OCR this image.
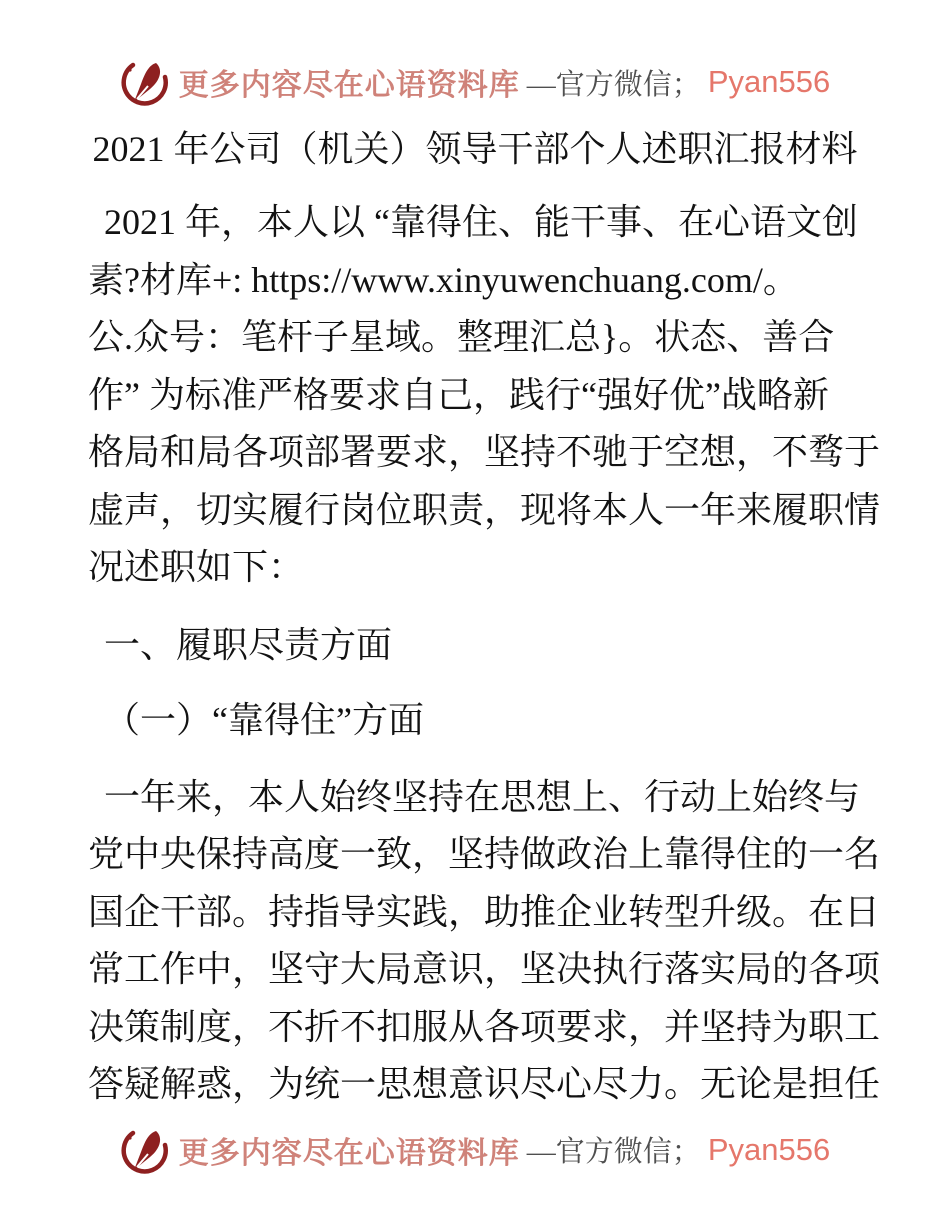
更多内容尽在心语资料库 —官方微信； Pyan556
2021 年公司（机关）领导干部个人述职汇报材料
2021 年，本人以 “靠得住、能干事、在心语文创
素?材库+: https://www.xinyuwenchuang.com/。
公.众号：笔杆子星域。整理汇总}。状态、善合
作” 为标准严格要求自己，践行“强好优”战略新
格局和局各项部署要求，坚持不驰于空想，不骛于
虚声，切实履行岗位职责，现将本人一年来履职情
况述职如下：
一、履职尽责方面
（一）“靠得住”方面
一年来，本人始终坚持在思想上、行动上始终与
党中央保持高度一致，坚持做政治上靠得住的一名
国企干部。持指导实践，助推企业转型升级。在日
常工作中，坚守大局意识，坚决执行落实局的各项
决策制度，不折不扣服从各项要求，并坚持为职工
答疑解惑，为统一思想意识尽心尽力。无论是担任
更多内容尽在心语资料库 —官方微信； Pyan556
